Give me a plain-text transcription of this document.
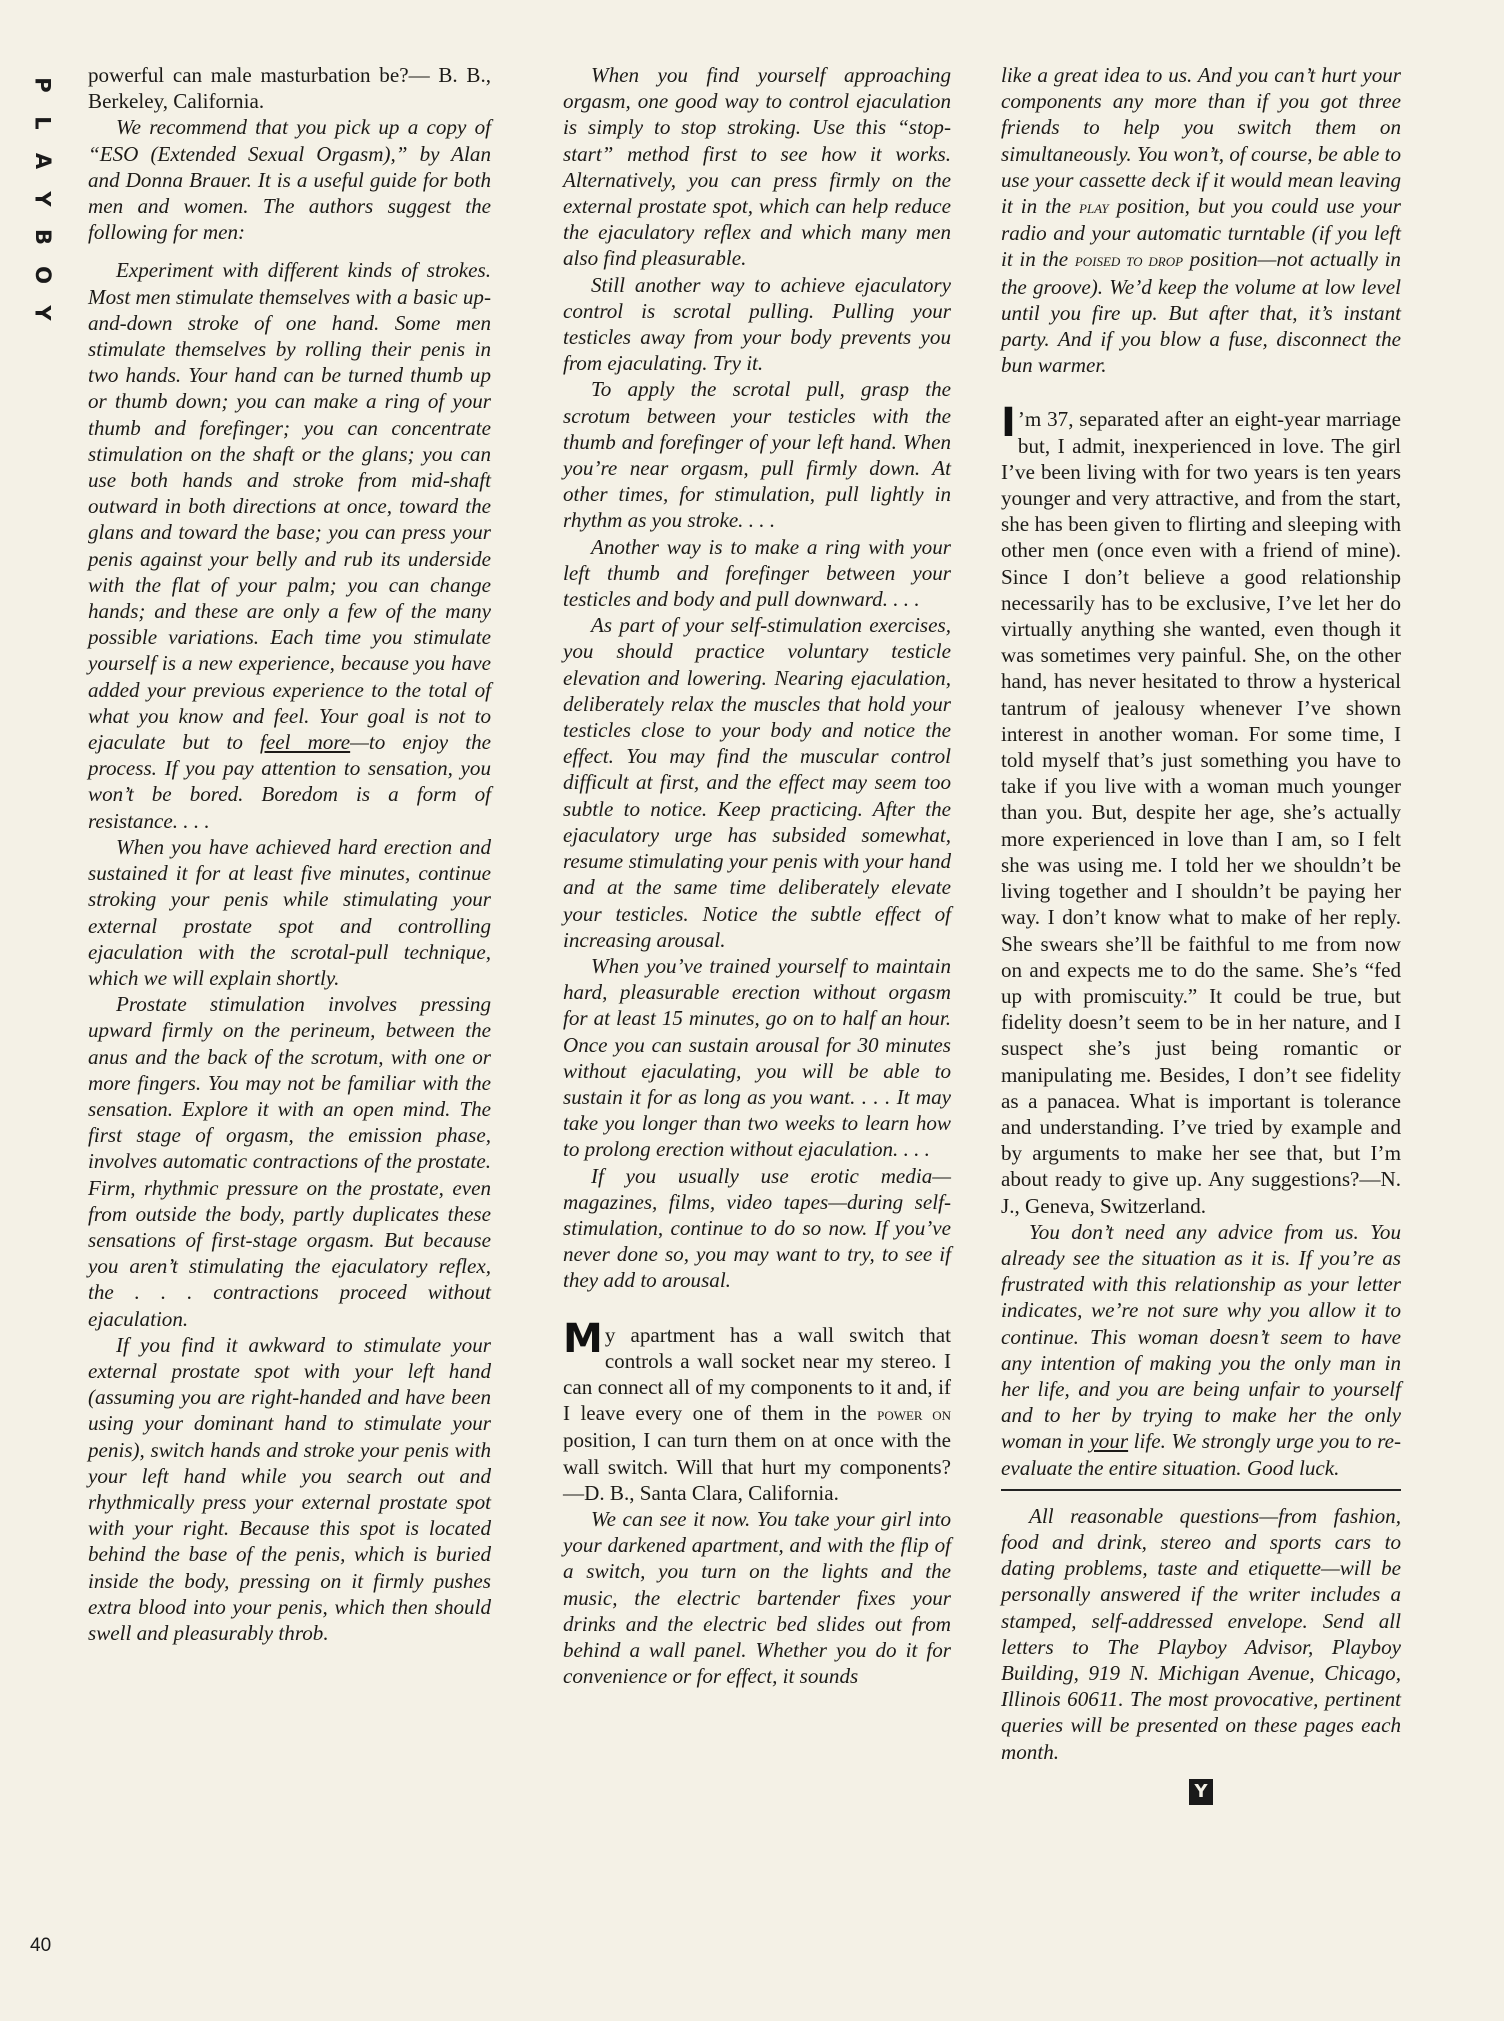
P
L
A
Y
B
O
Y
40

powerful can male masturbation be?— B. B., Berkeley, California.

We recommend that you pick up a copy of “ESO (Extended Sexual Orgasm),” by Alan and Donna Brauer. It is a useful guide for both men and women. The authors suggest the following for men:

Experiment with different kinds of strokes. Most men stimulate themselves with a basic up-and-down stroke of one hand. Some men stimulate themselves by rolling their penis in two hands. Your hand can be turned thumb up or thumb down; you can make a ring of your thumb and forefinger; you can concentrate stimulation on the shaft or the glans; you can use both hands and stroke from mid-shaft outward in both directions at once, toward the glans and toward the base; you can press your penis against your belly and rub its underside with the flat of your palm; you can change hands; and these are only a few of the many possible variations. Each time you stimulate yourself is a new experience, because you have added your previous experience to the total of what you know and feel. Your goal is not to ejaculate but to feel more—to enjoy the process. If you pay attention to sensation, you won’t be bored. Boredom is a form of resistance. . . .

When you have achieved hard erection and sustained it for at least five minutes, continue stroking your penis while stimulating your external prostate spot and controlling ejaculation with the scrotal-pull technique, which we will explain shortly.

Prostate stimulation involves pressing upward firmly on the perineum, between the anus and the back of the scrotum, with one or more fingers. You may not be familiar with the sensation. Explore it with an open mind. The first stage of orgasm, the emission phase, involves automatic contractions of the prostate. Firm, rhythmic pressure on the prostate, even from outside the body, partly duplicates these sensations of first-stage orgasm. But because you aren’t stimulating the ejaculatory reflex, the . . . contractions proceed without ejaculation.

If you find it awkward to stimulate your external prostate spot with your left hand (assuming you are right-handed and have been using your dominant hand to stimulate your penis), switch hands and stroke your penis with your left hand while you search out and rhythmically press your external prostate spot with your right. Because this spot is located behind the base of the penis, which is buried inside the body, pressing on it firmly pushes extra blood into your penis, which then should swell and pleasurably throb.

When you find yourself approaching orgasm, one good way to control ejaculation is simply to stop stroking. Use this “stop-start” method first to see how it works. Alternatively, you can press firmly on the external prostate spot, which can help reduce the ejaculatory reflex and which many men also find pleasurable.

Still another way to achieve ejaculatory control is scrotal pulling. Pulling your testicles away from your body prevents you from ejaculating. Try it.

To apply the scrotal pull, grasp the scrotum between your testicles with the thumb and forefinger of your left hand. When you’re near orgasm, pull firmly down. At other times, for stimulation, pull lightly in rhythm as you stroke. . . .

Another way is to make a ring with your left thumb and forefinger between your testicles and body and pull downward. . . .

As part of your self-stimulation exercises, you should practice voluntary testicle elevation and lowering. Nearing ejaculation, deliberately relax the muscles that hold your testicles close to your body and notice the effect. You may find the muscular control difficult at first, and the effect may seem too subtle to notice. Keep practicing. After the ejaculatory urge has subsided somewhat, resume stimulating your penis with your hand and at the same time deliberately elevate your testicles. Notice the subtle effect of increasing arousal.

When you’ve trained yourself to maintain hard, pleasurable erection without orgasm for at least 15 minutes, go on to half an hour. Once you can sustain arousal for 30 minutes without ejaculating, you will be able to sustain it for as long as you want. . . . It may take you longer than two weeks to learn how to prolong erection without ejaculation. . . .

If you usually use erotic media— magazines, films, video tapes—during self-stimulation, continue to do so now. If you’ve never done so, you may want to try, to see if they add to arousal.

My apartment has a wall switch that controls a wall socket near my stereo. I can connect all of my components to it and, if I leave every one of them in the power on position, I can turn them on at once with the wall switch. Will that hurt my components?—D. B., Santa Clara, California.

We can see it now. You take your girl into your darkened apartment, and with the flip of a switch, you turn on the lights and the music, the electric bartender fixes your drinks and the electric bed slides out from behind a wall panel. Whether you do it for convenience or for effect, it sounds

like a great idea to us. And you can’t hurt your components any more than if you got three friends to help you switch them on simultaneously. You won’t, of course, be able to use your cassette deck if it would mean leaving it in the play position, but you could use your radio and your automatic turntable (if you left it in the poised to drop position—not actually in the groove). We’d keep the volume at low level until you fire up. But after that, it’s instant party. And if you blow a fuse, disconnect the bun warmer.

I ’m 37, separated after an eight-year marriage but, I admit, inexperienced in love. The girl I’ve been living with for two years is ten years younger and very attractive, and from the start, she has been given to flirting and sleeping with other men (once even with a friend of mine). Since I don’t believe a good relationship necessarily has to be exclusive, I’ve let her do virtually anything she wanted, even though it was sometimes very painful. She, on the other hand, has never hesitated to throw a hysterical tantrum of jealousy whenever I’ve shown interest in another woman. For some time, I told myself that’s just something you have to take if you live with a woman much younger than you. But, despite her age, she’s actually more experienced in love than I am, so I felt she was using me. I told her we shouldn’t be living together and I shouldn’t be paying her way. I don’t know what to make of her reply. She swears she’ll be faithful to me from now on and expects me to do the same. She’s “fed up with promiscuity.” It could be true, but fidelity doesn’t seem to be in her nature, and I suspect she’s just being romantic or manipulating me. Besides, I don’t see fidelity as a panacea. What is important is tolerance and understanding. I’ve tried by example and by arguments to make her see that, but I’m about ready to give up. Any suggestions?—N. J., Geneva, Switzerland.

You don’t need any advice from us. You already see the situation as it is. If you’re as frustrated with this relationship as your letter indicates, we’re not sure why you allow it to continue. This woman doesn’t seem to have any intention of making you the only man in her life, and you are being unfair to yourself and to her by trying to make her the only woman in your life. We strongly urge you to re-evaluate the entire situation. Good luck.

All reasonable questions—from fashion, food and drink, stereo and sports cars to dating problems, taste and etiquette—will be personally answered if the writer includes a stamped, self-addressed envelope. Send all letters to The Playboy Advisor, Playboy Building, 919 N. Michigan Avenue, Chicago, Illinois 60611. The most provocative, pertinent queries will be presented on these pages each month.

Y
